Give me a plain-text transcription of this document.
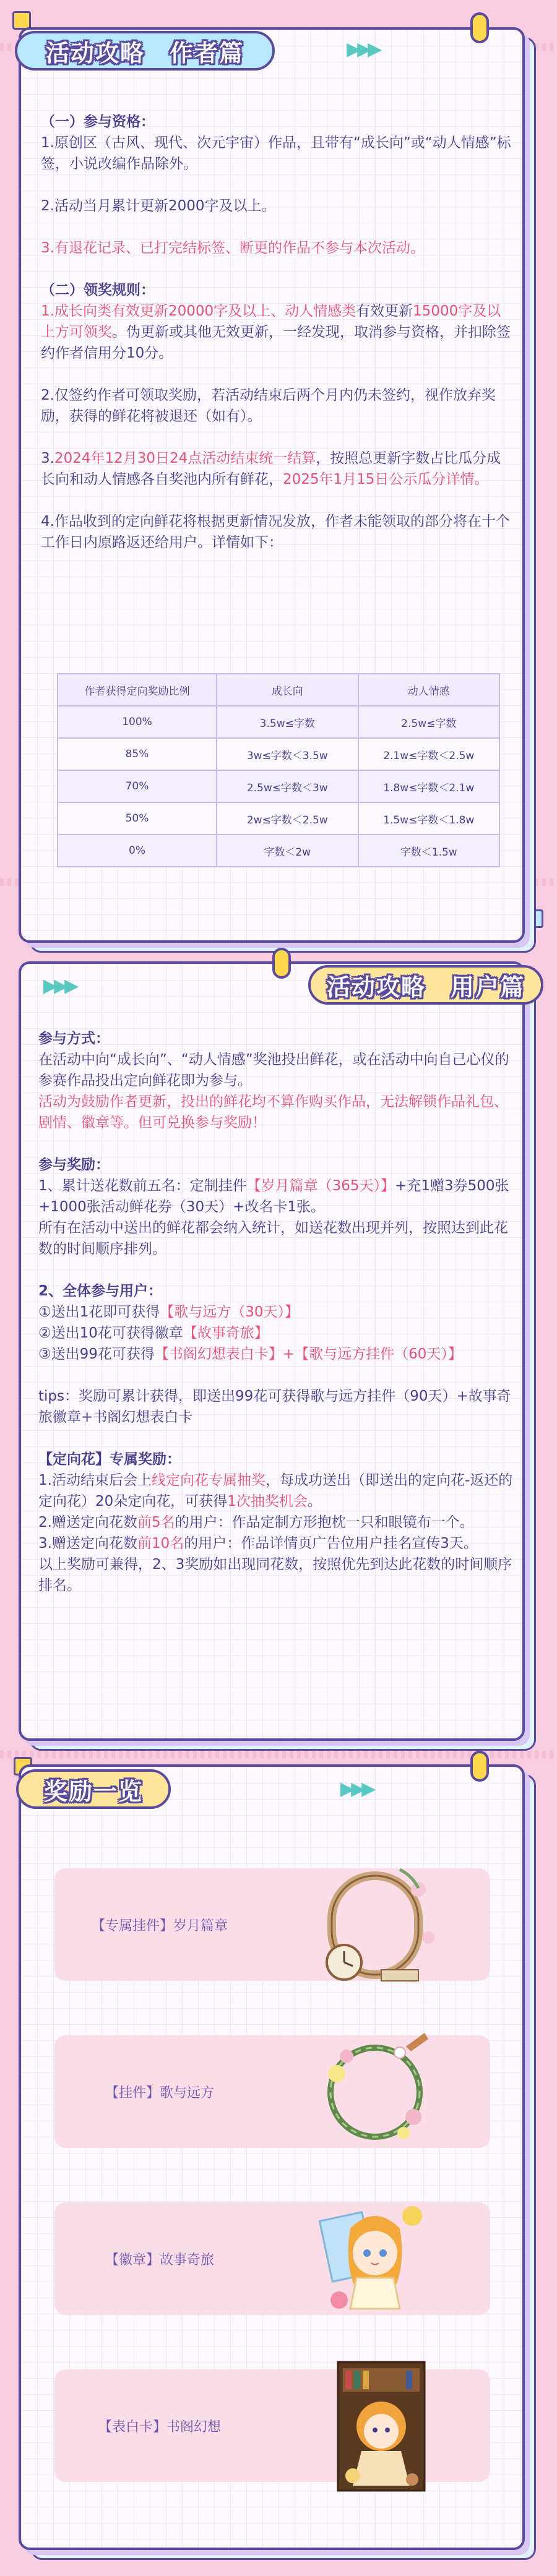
活动攻略 作者篇	▶▶▶

（一）参与资格：

1.原创区（古风、现代、次元宇宙）作品，且带有“成长向”或“动人情感”标签，小说改编作品除外。

2.活动当月累计更新2000字及以上。

3.有退花记录、已打完结标签、断更的作品不参与本次活动。

（二）领奖规则：

1.成长向类有效更新20000字及以上、动人情感类有效更新15000字及以上方可领奖。伪更新或其他无效更新，一经发现，取消参与资格，并扣除签约作者信用分10分。

2.仅签约作者可领取奖励，若活动结束后两个月内仍未签约，视作放弃奖励，获得的鲜花将被退还（如有）。

3.2024年12月30日24点活动结束统一结算，按照总更新字数占比瓜分成长向和动人情感各自奖池内所有鲜花，2025年1月15日公示瓜分详情。

4.作品收到的定向鲜花将根据更新情况发放，作者未能领取的部分将在十个工作日内原路返还给用户。详情如下：

作者获得定向奖励比例	成长向	动人情感
100%	3.5w≤字数	2.5w≤字数
85%	3w≤字数＜3.5w	2.1w≤字数＜2.5w
70%	2.5w≤字数＜3w	1.8w≤字数＜2.1w
50%	2w≤字数＜2.5w	1.5w≤字数＜1.8w
0%	字数＜2w	字数＜1.5w
活动攻略 用户篇
▶▶▶

参与方式：

在活动中向“成长向”、“动人情感”奖池投出鲜花，或在活动中向自己心仪的参赛作品投出定向鲜花即为参与。

活动为鼓励作者更新，投出的鲜花均不算作购买作品，无法解锁作品礼包、剧情、徽章等。但可兑换参与奖励！

参与奖励：

1、累计送花数前五名：定制挂件【岁月篇章（365天）】+充1赠3券500张+1000张活动鲜花券（30天）+改名卡1张。

所有在活动中送出的鲜花都会纳入统计，如送花数出现并列，按照达到此花数的时间顺序排列。

2、全体参与用户：

①送出1花即可获得【歌与远方（30天）】

②送出10花可获得徽章【故事奇旅】

③送出99花可获得【书阁幻想表白卡】+【歌与远方挂件（60天）】

tips：奖励可累计获得，即送出99花可获得歌与远方挂件（90天）+故事奇旅徽章+书阁幻想表白卡

【定向花】专属奖励：

1.活动结束后会上线定向花专属抽奖，每成功送出（即送出的定向花-返还的定向花）20朵定向花，可获得1次抽奖机会。

2.赠送定向花数前5名的用户：作品定制方形抱枕一只和眼镜布一个。

3.赠送定向花数前10名的用户：作品详情页广告位用户挂名宣传3天。

以上奖励可兼得，2、3奖励如出现同花数，按照优先到达此花数的时间顺序排名。

奖励一览	▶▶▶
【专属挂件】岁月篇章
【挂件】歌与远方
【徽章】故事奇旅
【表白卡】书阁幻想
